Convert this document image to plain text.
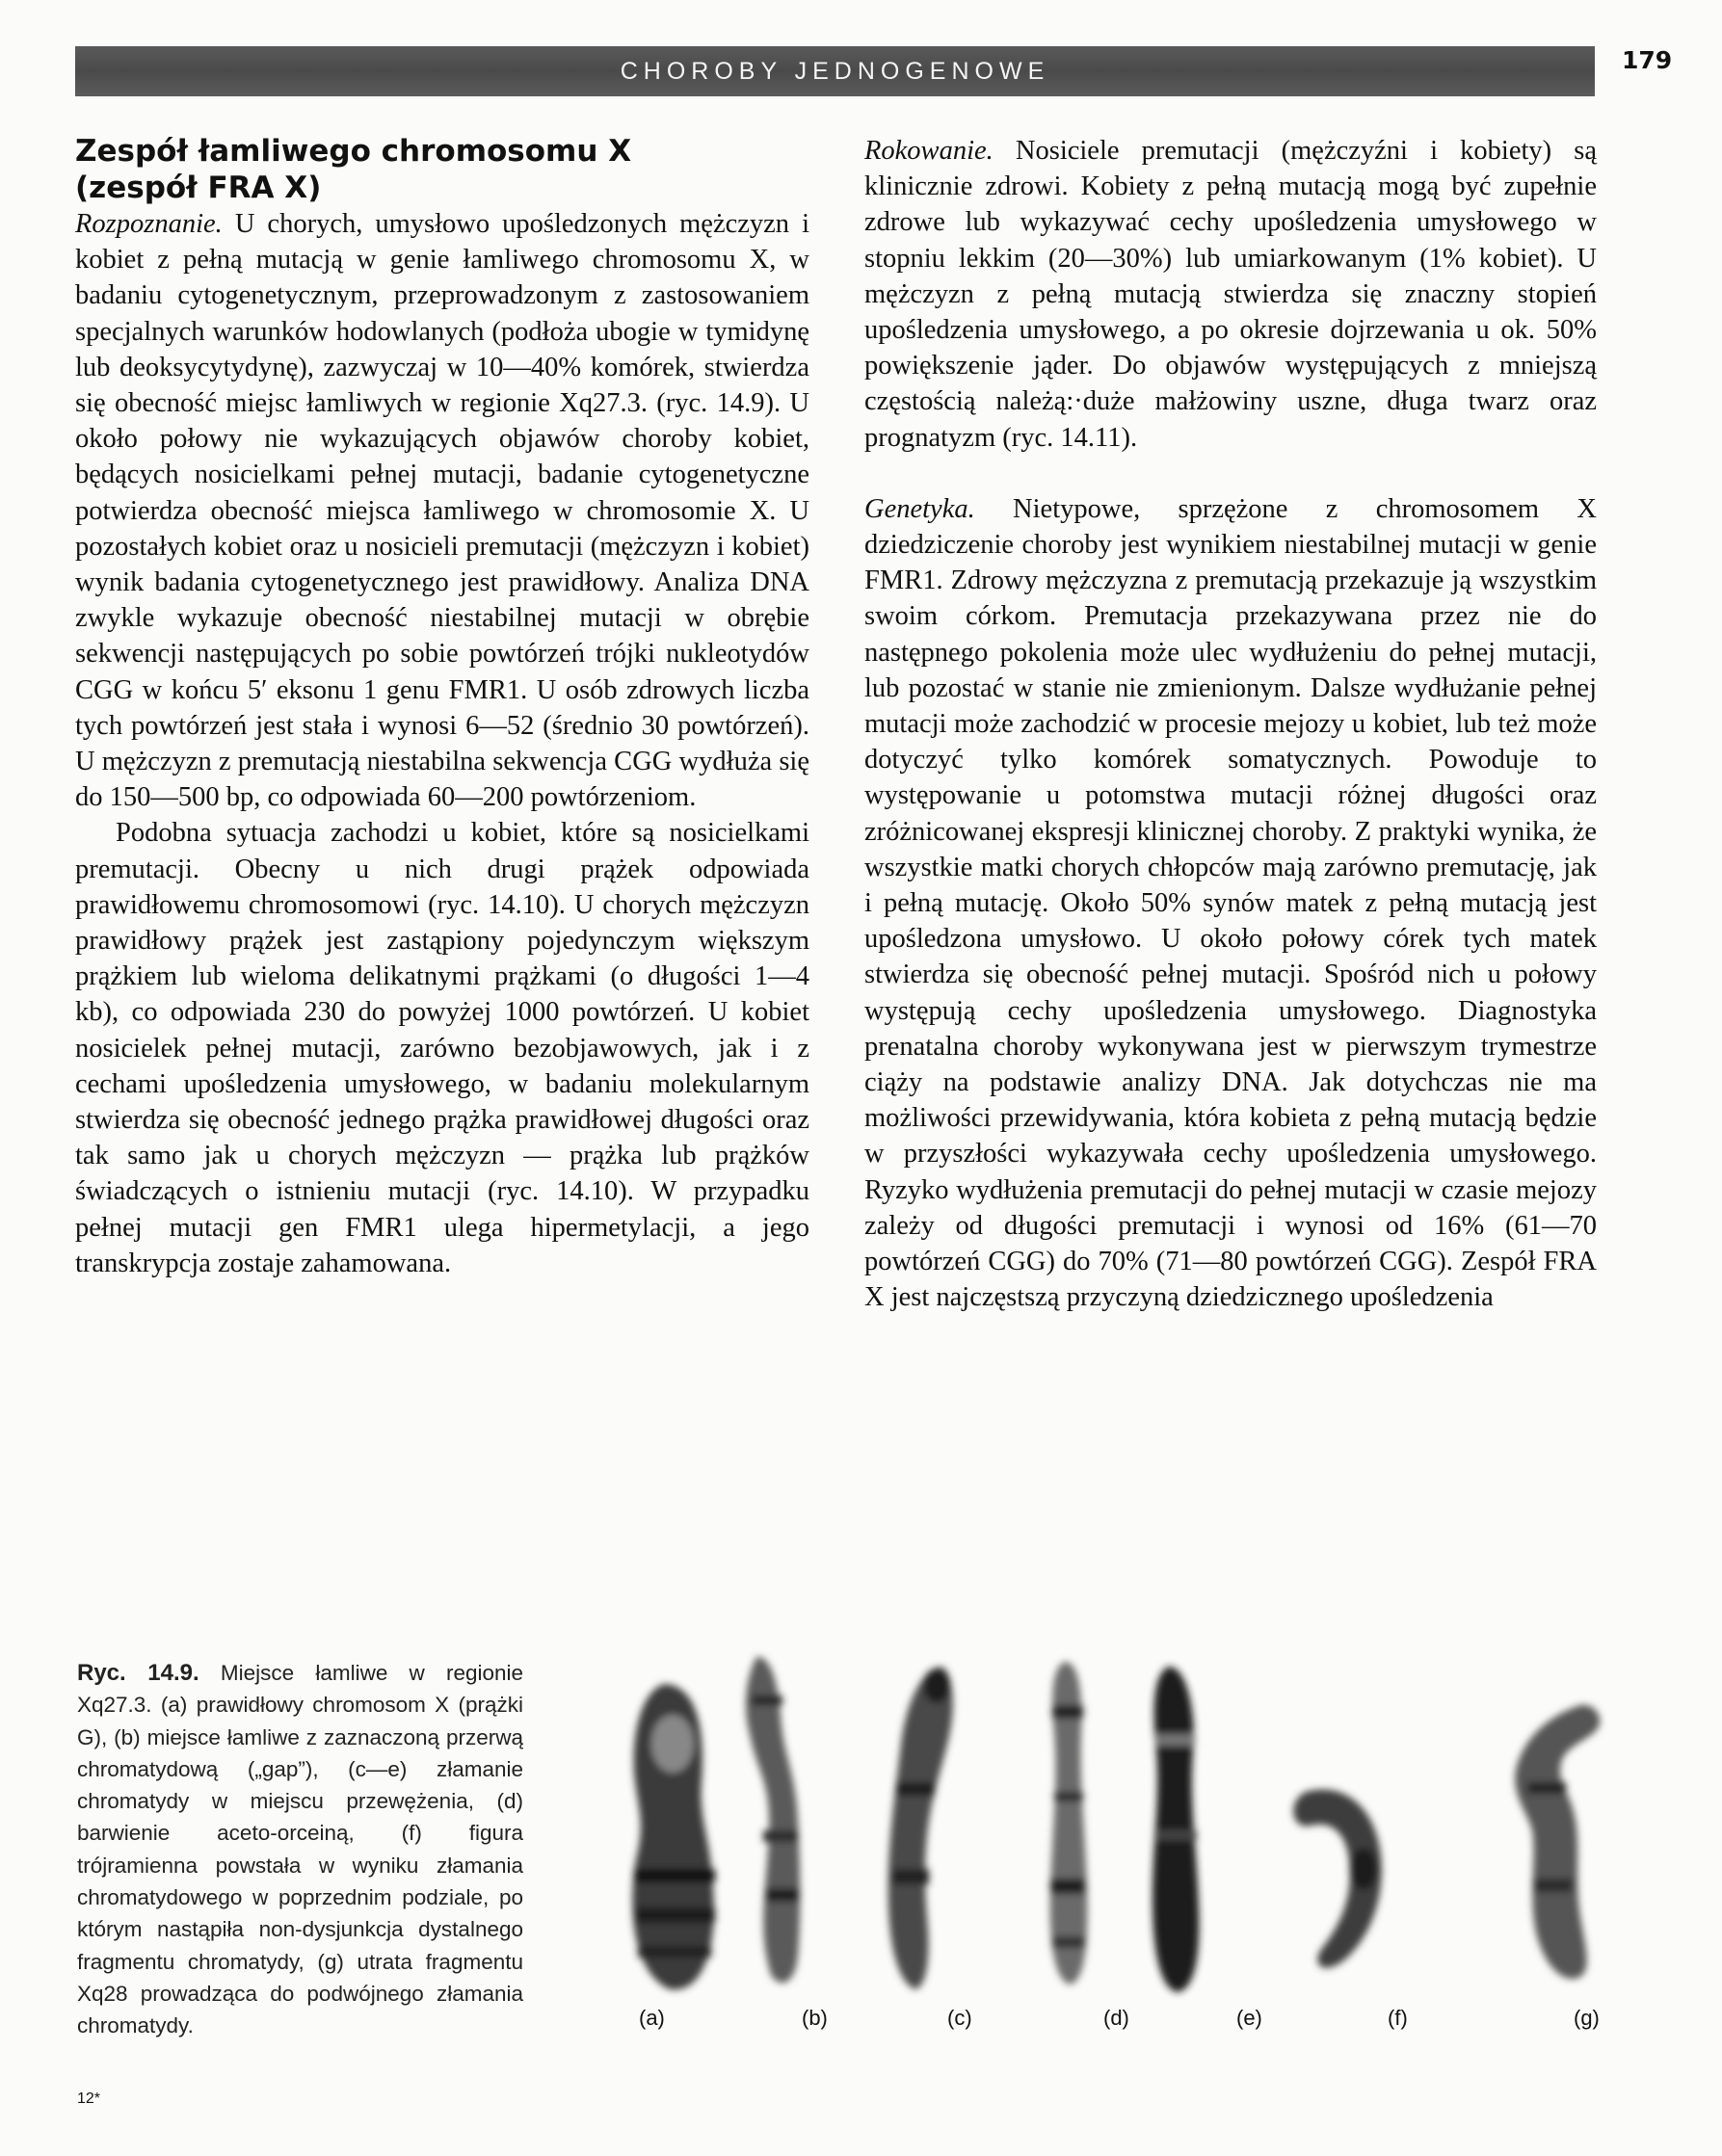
CHOROBY JEDNOGENOWE	179
Zespół łamliwego chromosomu X
(zespół FRA X)

Rozpoznanie. U chorych, umysłowo upośledzonych mężczyzn i kobiet z pełną mutacją w genie łamliwego chromosomu X, w badaniu cytogenetycznym, przeprowadzonym z zastosowaniem specjalnych warunków hodowlanych (podłoża ubogie w tymidynę lub deoksycytydynę), zazwyczaj w 10—40% komórek, stwierdza się obecność miejsc łamliwych w regionie Xq27.3. (ryc. 14.9). U około połowy nie wykazujących objawów choroby kobiet, będących nosicielkami pełnej mutacji, badanie cytogenetyczne potwierdza obecność miejsca łamliwego w chromosomie X. U pozostałych kobiet oraz u nosicieli premutacji (mężczyzn i kobiet) wynik badania cytogenetycznego jest prawidłowy. Analiza DNA zwykle wykazuje obecność niestabilnej mutacji w obrębie sekwencji następujących po sobie powtórzeń trójki nukleotydów CGG w końcu 5′ eksonu 1 genu FMR1. U osób zdrowych liczba tych powtórzeń jest stała i wynosi 6—52 (średnio 30 powtórzeń). U mężczyzn z premutacją niestabilna sekwencja CGG wydłuża się do 150—500 bp, co odpowiada 60—200 powtórzeniom.

Podobna sytuacja zachodzi u kobiet, które są nosicielkami premutacji. Obecny u nich drugi prążek odpowiada prawidłowemu chromosomowi (ryc. 14.10). U chorych mężczyzn prawidłowy prążek jest zastąpiony pojedynczym większym prążkiem lub wieloma delikatnymi prążkami (o długości 1—4 kb), co odpowiada 230 do powyżej 1000 powtórzeń. U kobiet nosicielek pełnej mutacji, zarówno bezobjawowych, jak i z cechami upośledzenia umysłowego, w badaniu molekularnym stwierdza się obecność jednego prążka prawidłowej długości oraz tak samo jak u chorych mężczyzn — prążka lub prążków świadczących o istnieniu mutacji (ryc. 14.10). W przypadku pełnej mutacji gen FMR1 ulega hipermetylacji, a jego transkrypcja zostaje zahamowana.

Rokowanie. Nosiciele premutacji (mężczyźni i kobiety) są klinicznie zdrowi. Kobiety z pełną mutacją mogą być zupełnie zdrowe lub wykazywać cechy upośledzenia umysłowego w stopniu lekkim (20—30%) lub umiarkowanym (1% kobiet). U mężczyzn z pełną mutacją stwierdza się znaczny stopień upośledzenia umysłowego, a po okresie dojrzewania u ok. 50% powiększenie jąder. Do objawów występujących z mniejszą częstością należą:·duże małżowiny uszne, długa twarz oraz prognatyzm (ryc. 14.11).

Genetyka. Nietypowe, sprzężone z chromosomem X dziedziczenie choroby jest wynikiem niestabilnej mutacji w genie FMR1. Zdrowy mężczyzna z premutacją przekazuje ją wszystkim swoim córkom. Premutacja przekazywana przez nie do następnego pokolenia może ulec wydłużeniu do pełnej mutacji, lub pozostać w stanie nie zmienionym. Dalsze wydłużanie pełnej mutacji może zachodzić w procesie mejozy u kobiet, lub też może dotyczyć tylko komórek somatycznych. Powoduje to występowanie u potomstwa mutacji różnej długości oraz zróżnicowanej ekspresji klinicznej choroby. Z praktyki wynika, że wszystkie matki chorych chłopców mają zarówno premutację, jak i pełną mutację. Około 50% synów matek z pełną mutacją jest upośledzona umysłowo. U około połowy córek tych matek stwierdza się obecność pełnej mutacji. Spośród nich u połowy występują cechy upośledzenia umysłowego. Diagnostyka prenatalna choroby wykonywana jest w pierwszym trymestrze ciąży na podstawie analizy DNA. Jak dotychczas nie ma możliwości przewidywania, która kobieta z pełną mutacją będzie w przyszłości wykazywała cechy upośledzenia umysłowego. Ryzyko wydłużenia premutacji do pełnej mutacji w czasie mejozy zależy od długości premutacji i wynosi od 16% (61—70 powtórzeń CGG) do 70% (71—80 powtórzeń CGG). Zespół FRA X jest najczęstszą przyczyną dziedzicznego upośledzenia

Ryc. 14.9. Miejsce łamliwe w regionie Xq27.3. (a) prawidłowy chromosom X (prążki G), (b) miejsce łamliwe z zaznaczoną przerwą chromatydową („gap”), (c—e) złamanie chromatydy w miejscu przewężenia, (d) barwienie aceto-orceiną, (f) figura trójramienna powstała w wyniku złamania chromatydowego w poprzednim podziale, po którym nastąpiła non-dysjunkcja dystalnego fragmentu chromatydy, (g) utrata fragmentu Xq28 prowadząca do podwójnego złamania chromatydy.	(a)	(b)	(c)	(d)	(e)	(f)	(g)
12*
